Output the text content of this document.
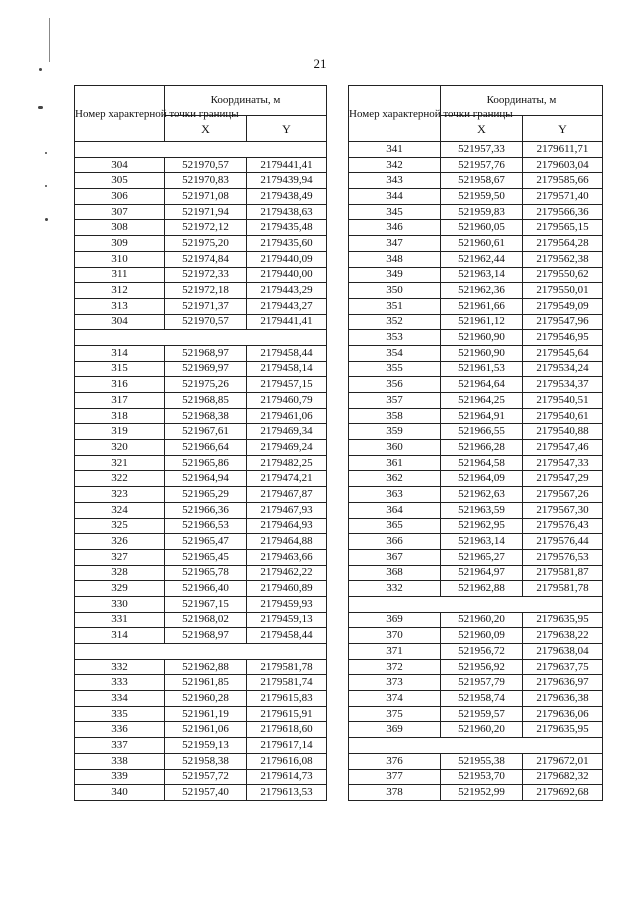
21
Номер характерной точки границы	Координаты, м	
	X	Y

304	521970,57	2179441,41
305	521970,83	2179439,94
306	521971,08	2179438,49
307	521971,94	2179438,63
308	521972,12	2179435,48
309	521975,20	2179435,60
310	521974,84	2179440,09
311	521972,33	2179440,00
312	521972,18	2179443,29
313	521971,37	2179443,27
304	521970,57	2179441,41

314	521968,97	2179458,44
315	521969,97	2179458,14
316	521975,26	2179457,15
317	521968,85	2179460,79
318	521968,38	2179461,06
319	521967,61	2179469,34
320	521966,64	2179469,24
321	521965,86	2179482,25
322	521964,94	2179474,21
323	521965,29	2179467,87
324	521966,36	2179467,93
325	521966,53	2179464,93
326	521965,47	2179464,88
327	521965,45	2179463,66
328	521965,78	2179462,22
329	521966,40	2179460,89
330	521967,15	2179459,93
331	521968,02	2179459,13
314	521968,97	2179458,44

332	521962,88	2179581,78
333	521961,85	2179581,74
334	521960,28	2179615,83
335	521961,19	2179615,91
336	521961,06	2179618,60
337	521959,13	2179617,14
338	521958,38	2179616,08
339	521957,72	2179614,73
340	521957,40	2179613,53
Номер характерной точки границы	Координаты, м	
	X	Y
341	521957,33	2179611,71
342	521957,76	2179603,04
343	521958,67	2179585,66
344	521959,50	2179571,40
345	521959,83	2179566,36
346	521960,05	2179565,15
347	521960,61	2179564,28
348	521962,44	2179562,38
349	521963,14	2179550,62
350	521962,36	2179550,01
351	521961,66	2179549,09
352	521961,12	2179547,96
353	521960,90	2179546,95
354	521960,90	2179545,64
355	521961,53	2179534,24
356	521964,64	2179534,37
357	521964,25	2179540,51
358	521964,91	2179540,61
359	521966,55	2179540,88
360	521966,28	2179547,46
361	521964,58	2179547,33
362	521964,09	2179547,29
363	521962,63	2179567,26
364	521963,59	2179567,30
365	521962,95	2179576,43
366	521963,14	2179576,44
367	521965,27	2179576,53
368	521964,97	2179581,87
332	521962,88	2179581,78

369	521960,20	2179635,95
370	521960,09	2179638,22
371	521956,72	2179638,04
372	521956,92	2179637,75
373	521957,79	2179636,97
374	521958,74	2179636,38
375	521959,57	2179636,06
369	521960,20	2179635,95

376	521955,38	2179672,01
377	521953,70	2179682,32
378	521952,99	2179692,68
